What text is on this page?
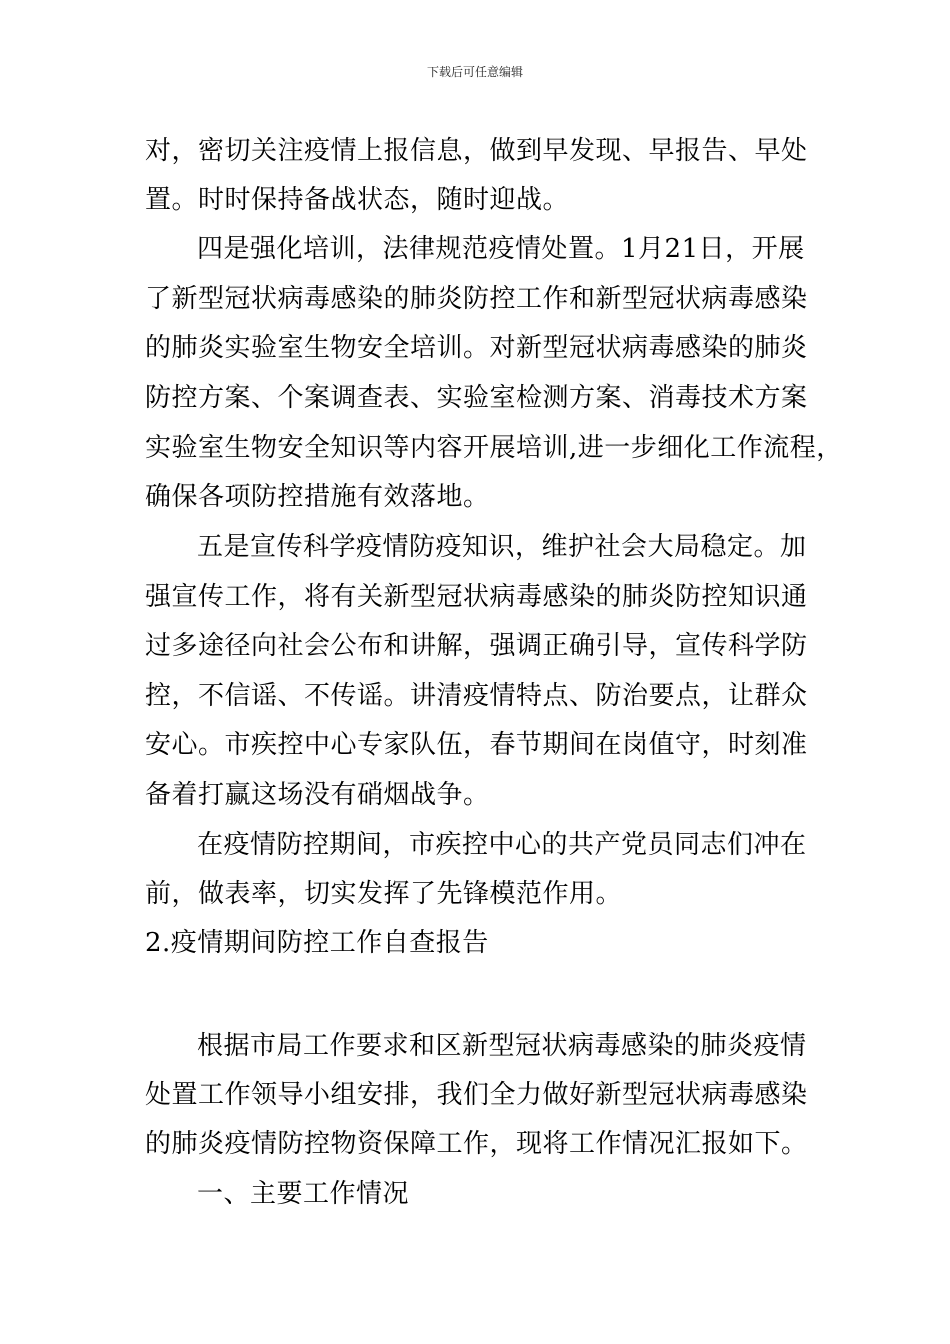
下载后可任意编辑
对，密切关注疫情上报信息，做到早发现、早报告、早处
置。时时保持备战状态，随时迎战。
四是强化培训，法律规范疫情处置。1月21日，开展
了新型冠状病毒感染的肺炎防控工作和新型冠状病毒感染
的肺炎实验室生物安全培训。对新型冠状病毒感染的肺炎
防控方案、个案调查表、实验室检测方案、消毒技术方案
实验室生物安全知识等内容开展培训,进一步细化工作流程，
确保各项防控措施有效落地。
五是宣传科学疫情防疫知识，维护社会大局稳定。加
强宣传工作，将有关新型冠状病毒感染的肺炎防控知识通
过多途径向社会公布和讲解，强调正确引导，宣传科学防
控，不信谣、不传谣。讲清疫情特点、防治要点，让群众
安心。市疾控中心专家队伍，春节期间在岗值守，时刻准
备着打赢这场没有硝烟战争。
在疫情防控期间，市疾控中心的共产党员同志们冲在
前，做表率，切实发挥了先锋模范作用。
2.疫情期间防控工作自查报告
根据市局工作要求和区新型冠状病毒感染的肺炎疫情
处置工作领导小组安排，我们全力做好新型冠状病毒感染
的肺炎疫情防控物资保障工作，现将工作情况汇报如下。
一、主要工作情况
